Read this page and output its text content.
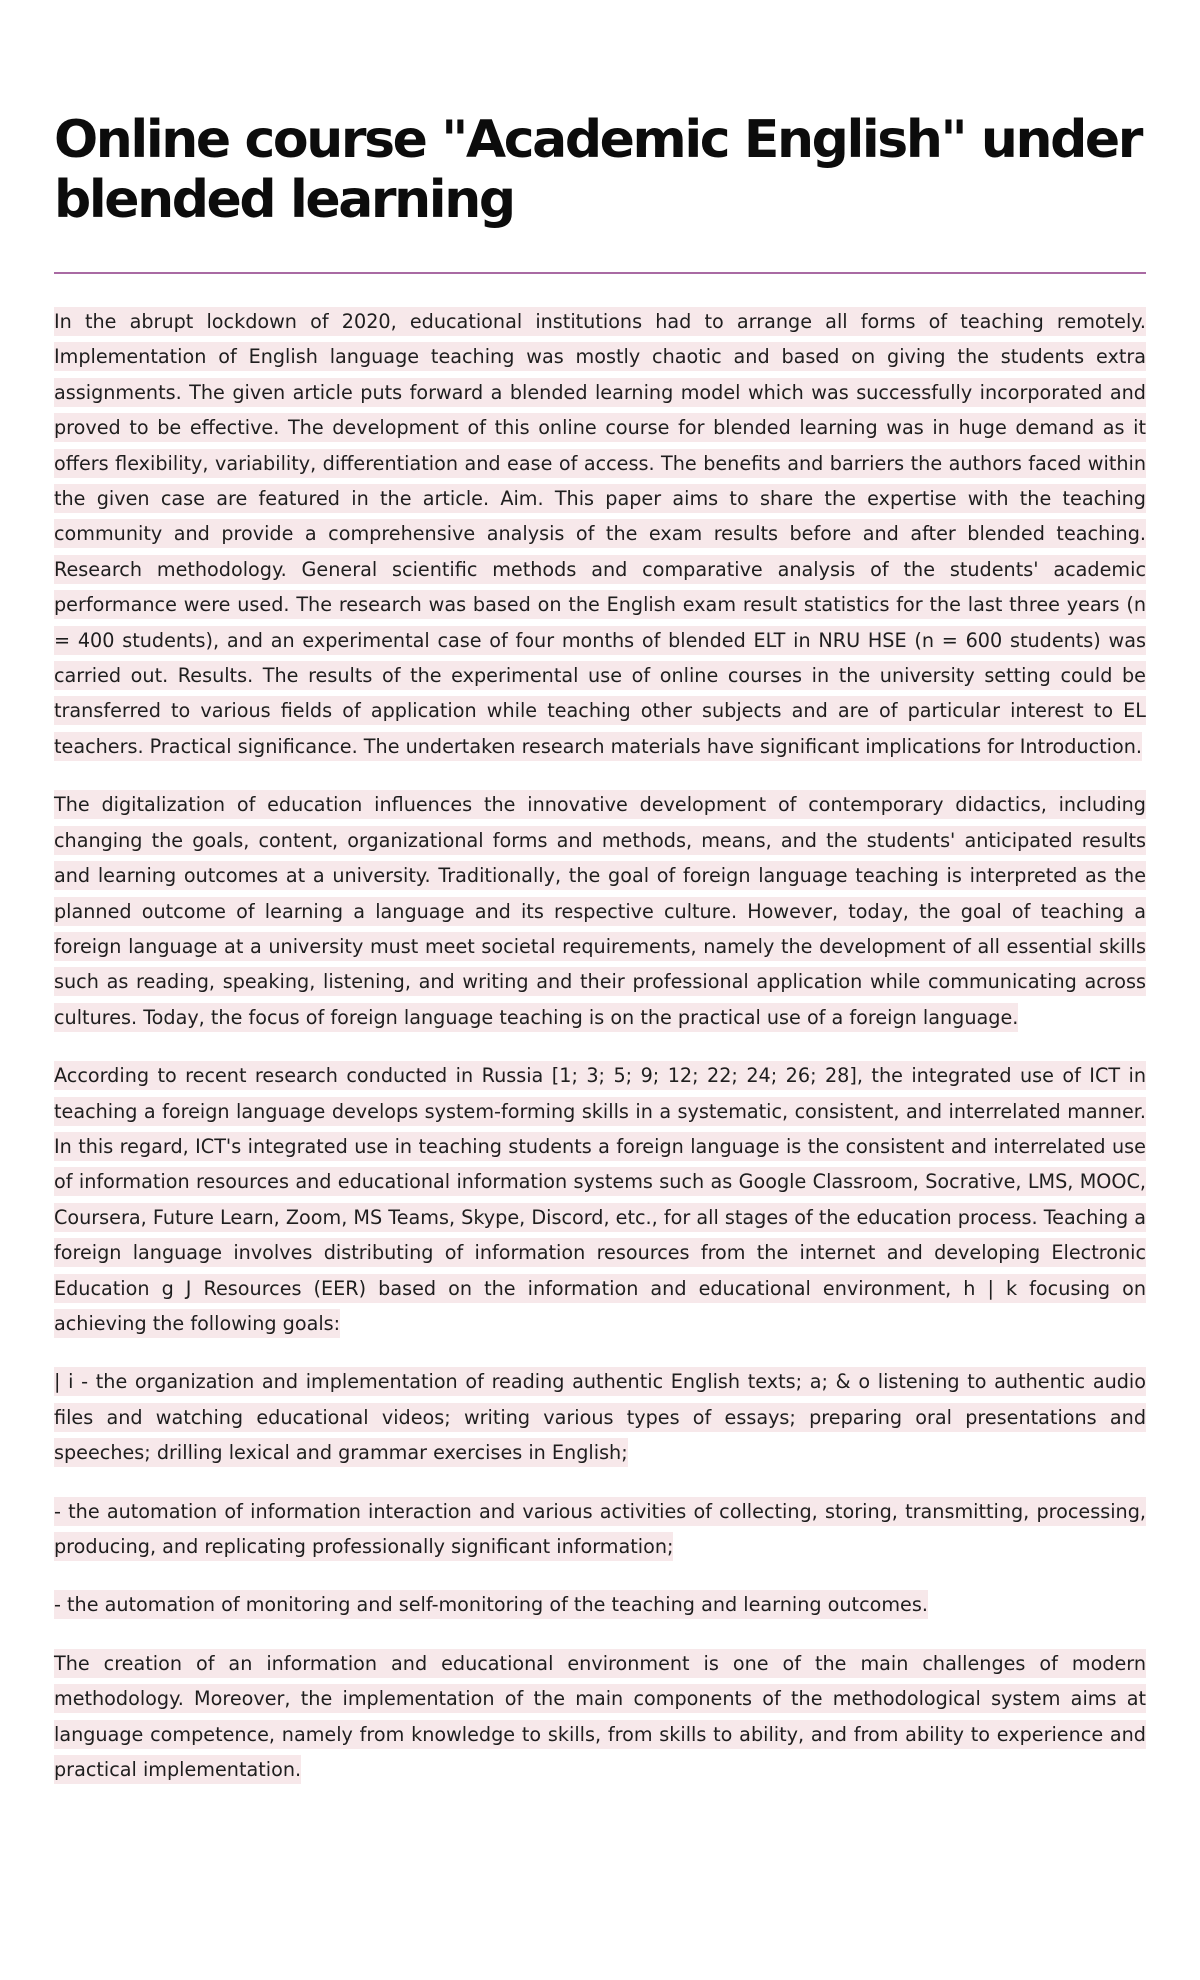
Online course "Academic English" under blended learning

In the abrupt lockdown of 2020, educational institutions had to arrange all forms of teaching remotely. Implementation of English language teaching was mostly chaotic and based on giving the students extra assignments. The given article puts forward a blended learning model which was successfully incorporated and proved to be effective. The development of this online course for blended learning was in huge demand as it offers flexibility, variability, differentiation and ease of access. The benefits and barriers the authors faced within the given case are featured in the article. Aim. This paper aims to share the expertise with the teaching community and provide a comprehensive analysis of the exam results before and after blended teaching. Research methodology. General scientific methods and comparative analysis of the students' academic performance were used. The research was based on the English exam result statistics for the last three years (n = 400 students), and an experimental case of four months of blended ELT in NRU HSE (n = 600 students) was carried out. Results. The results of the experimental use of online courses in the university setting could be transferred to various fields of application while teaching other subjects and are of particular interest to EL teachers. Practical significance. The undertaken research materials have significant implications for Introduction.

The digitalization of education influences the innovative development of contemporary didactics, including changing the goals, content, organizational forms and methods, means, and the students' anticipated results and learning outcomes at a university. Traditionally, the goal of foreign language teaching is interpreted as the planned outcome of learning a language and its respective culture. However, today, the goal of teaching a foreign language at a university must meet societal requirements, namely the development of all essential skills such as reading, speaking, listening, and writing and their professional application while communicating across cultures. Today, the focus of foreign language teaching is on the practical use of a foreign language.

According to recent research conducted in Russia [1; 3; 5; 9; 12; 22; 24; 26; 28], the integrated use of ICT in teaching a foreign language develops system-forming skills in a systematic, consistent, and interrelated manner. In this regard, ICT's integrated use in teaching students a foreign language is the consistent and interrelated use of information resources and educational information systems such as Google Classroom, Socrative, LMS, MOOC, Coursera, Future Learn, Zoom, MS Teams, Skype, Discord, etc., for all stages of the education process. Teaching a foreign language involves distributing of information resources from the internet and developing Electronic Education g J Resources (EER) based on the information and educational environment, h | k focusing on achieving the following goals:

| i - the organization and implementation of reading authentic English texts; a; & o listening to authentic audio files and watching educational videos; writing various types of essays; preparing oral presentations and speeches; drilling lexical and grammar exercises in English;

- the automation of information interaction and various activities of collecting, storing, transmitting, processing, producing, and replicating professionally significant information;

- the automation of monitoring and self-monitoring of the teaching and learning outcomes.

The creation of an information and educational environment is one of the main challenges of modern methodology. Moreover, the implementation of the main components of the methodological system aims at language competence, namely from knowledge to skills, from skills to ability, and from ability to experience and practical implementation.
